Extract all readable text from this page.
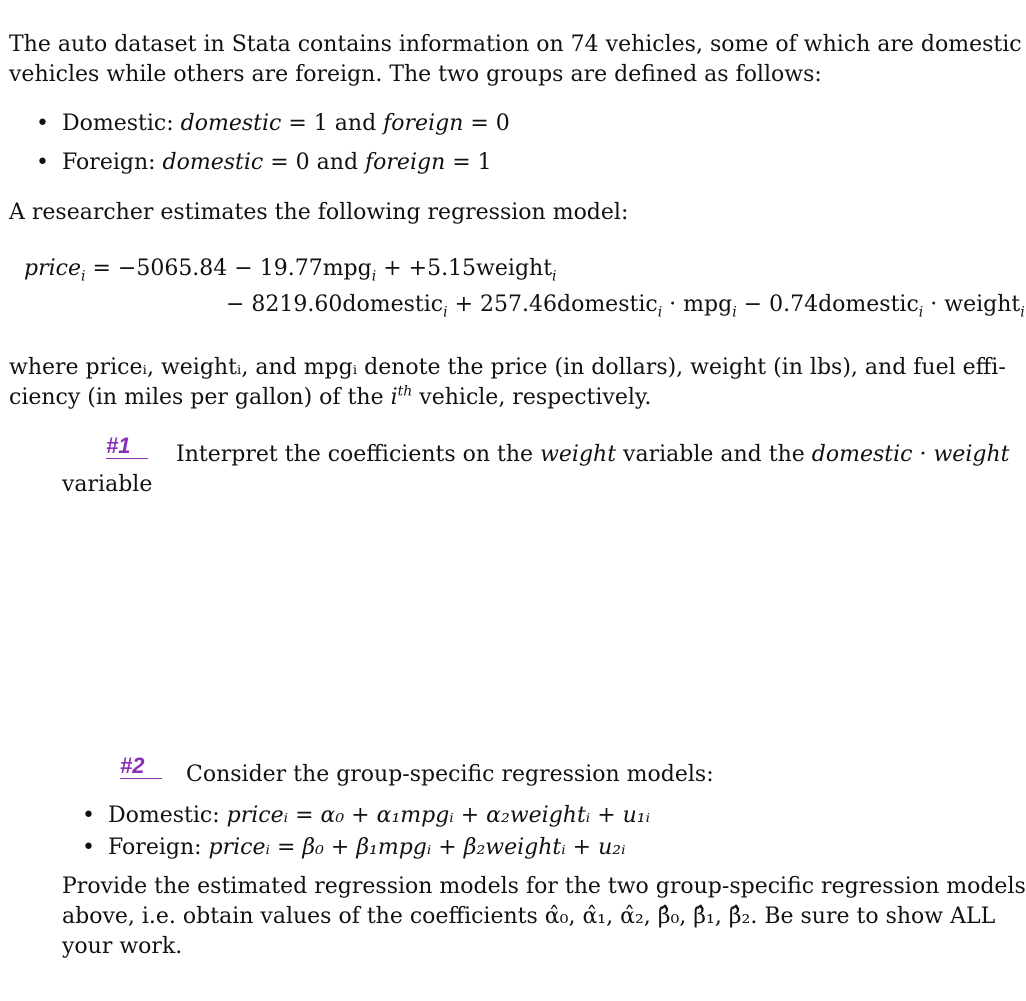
The auto dataset in Stata contains information on 74 vehicles, some of which are domestic
vehicles while others are foreign. The two groups are defined as follows:
• Domestic: domestic = 1 and foreign = 0
• Foreign: domestic = 0 and foreign = 1
A researcher estimates the following regression model:
price$_i$ = −5065.84 − 19.77mpg$_i$ + +5.15weight$_i$
− 8219.60domestic$_i$ + 257.46domestic$_i$ · mpg$_i$ − 0.74domestic$_i$ · weight$_i$
where priceᵢ, weightᵢ, and mpgᵢ denote the price (in dollars), weight (in lbs), and fuel effi-
ciency (in miles per gallon) of the $i^{th}$ vehicle, respectively.
#1	Interpret the coefficients on the weight variable and the domestic · weight
variable
#2	Consider the group-specific regression models:
• Domestic: priceᵢ = α₀ + α₁mpgᵢ + α₂weightᵢ + u₁ᵢ
• Foreign: priceᵢ = β₀ + β₁mpgᵢ + β₂weightᵢ + u₂ᵢ
Provide the estimated regression models for the two group-specific regression models
above, i.e. obtain values of the coefficients α̂₀, α̂₁, α̂₂, β̂₀, β̂₁, β̂₂. Be sure to show ALL
your work.
